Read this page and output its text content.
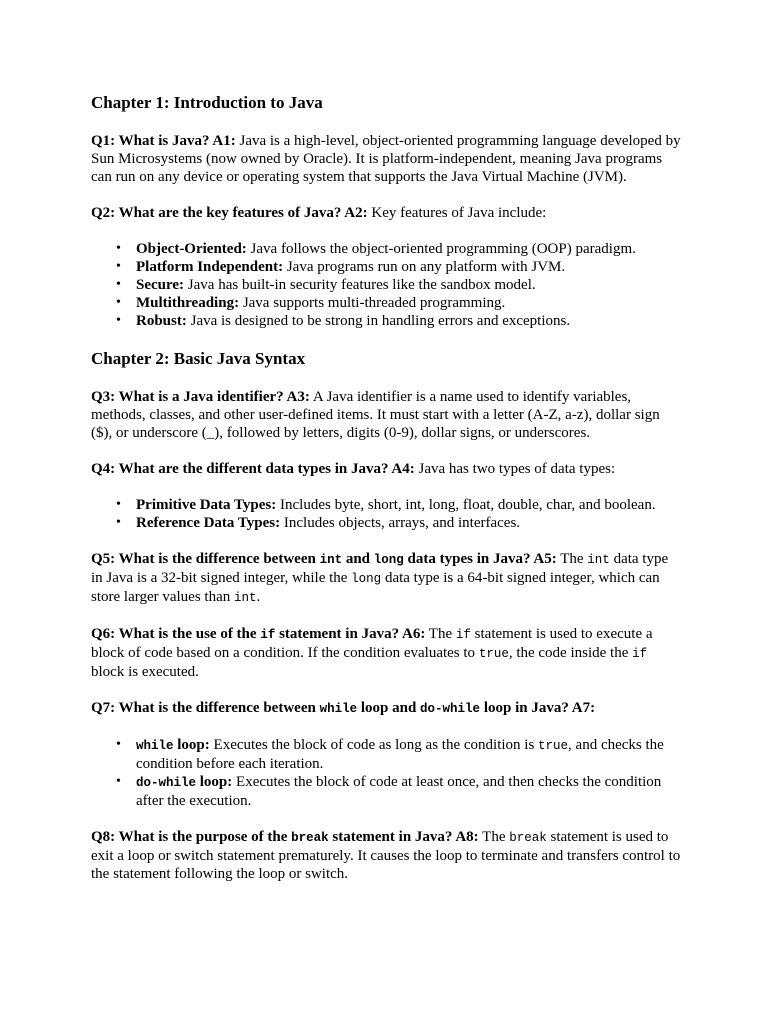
Chapter 1: Introduction to Java

Q1: What is Java? A1: Java is a high-level, object-oriented programming language developed by Sun Microsystems (now owned by Oracle). It is platform-independent, meaning Java programs can run on any device or operating system that supports the Java Virtual Machine (JVM).

Q2: What are the key features of Java? A2: Key features of Java include:

• Object-Oriented: Java follows the object-oriented programming (OOP) paradigm.
• Platform Independent: Java programs run on any platform with JVM.
• Secure: Java has built-in security features like the sandbox model.
• Multithreading: Java supports multi-threaded programming.
• Robust: Java is designed to be strong in handling errors and exceptions.
Chapter 2: Basic Java Syntax

Q3: What is a Java identifier? A3: A Java identifier is a name used to identify variables, methods, classes, and other user-defined items. It must start with a letter (A-Z, a-z), dollar sign ($), or underscore (_), followed by letters, digits (0-9), dollar signs, or underscores.

Q4: What are the different data types in Java? A4: Java has two types of data types:

• Primitive Data Types: Includes byte, short, int, long, float, double, char, and boolean.
• Reference Data Types: Includes objects, arrays, and interfaces.

Q5: What is the difference between int and long data types in Java? A5: The int data type in Java is a 32-bit signed integer, while the long data type is a 64-bit signed integer, which can store larger values than int.

Q6: What is the use of the if statement in Java? A6: The if statement is used to execute a block of code based on a condition. If the condition evaluates to true, the code inside the if block is executed.

Q7: What is the difference between while loop and do-while loop in Java? A7:

• while loop: Executes the block of code as long as the condition is true, and checks the condition before each iteration.
• do-while loop: Executes the block of code at least once, and then checks the condition after the execution.

Q8: What is the purpose of the break statement in Java? A8: The break statement is used to exit a loop or switch statement prematurely. It causes the loop to terminate and transfers control to the statement following the loop or switch.
